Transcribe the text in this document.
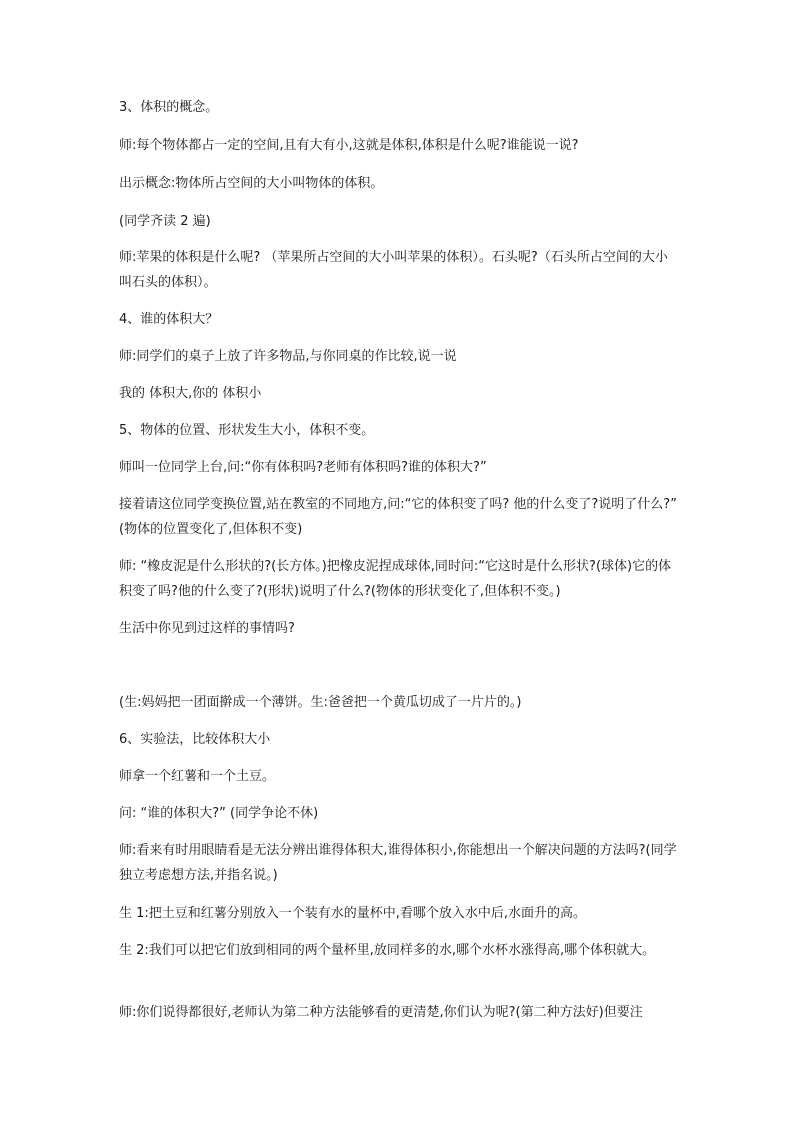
3、体积的概念。
师:每个物体都占一定的空间,且有大有小,这就是体积,体积是什么呢?谁能说一说?
出示概念:物体所占空间的大小叫物体的体积。
(同学齐读 2 遍)
师:苹果的体积是什么呢? （苹果所占空间的大小叫苹果的体积）。石头呢?（石头所占空间的大小叫石头的体积）。
4、谁的体积大？
师:同学们的桌子上放了许多物品,与你同桌的作比较,说一说
我的 体积大,你的 体积小
5、物体的位置、形状发生大小，体积不变。
师叫一位同学上台,问:“你有体积吗?老师有体积吗?谁的体积大?”
接着请这位同学变换位置,站在教室的不同地方,问:“它的体积变了吗? 他的什么变了?说明了什么?” (物体的位置变化了,但体积不变)
师: “橡皮泥是什么形状的?(长方体。)把橡皮泥捏成球体,同时问:“它这时是什么形状?(球体)它的体积变了吗?他的什么变了?(形状)说明了什么?(物体的形状变化了,但体积不变。)
生活中你见到过这样的事情吗?
(生:妈妈把一团面擀成一个薄饼。生:爸爸把一个黄瓜切成了一片片的。)
6、实验法，比较体积大小
师拿一个红薯和一个土豆。
问: “谁的体积大?” (同学争论不休)
师:看来有时用眼睛看是无法分辨出谁得体积大,谁得体积小,你能想出一个解决问题的方法吗?(同学独立考虑想方法,并指名说。)
生 1:把土豆和红薯分别放入一个装有水的量杯中,看哪个放入水中后,水面升的高。
生 2:我们可以把它们放到相同的两个量杯里,放同样多的水,哪个水杯水涨得高,哪个体积就大。
师:你们说得都很好,老师认为第二种方法能够看的更清楚,你们认为呢?(第二种方法好)但要注
